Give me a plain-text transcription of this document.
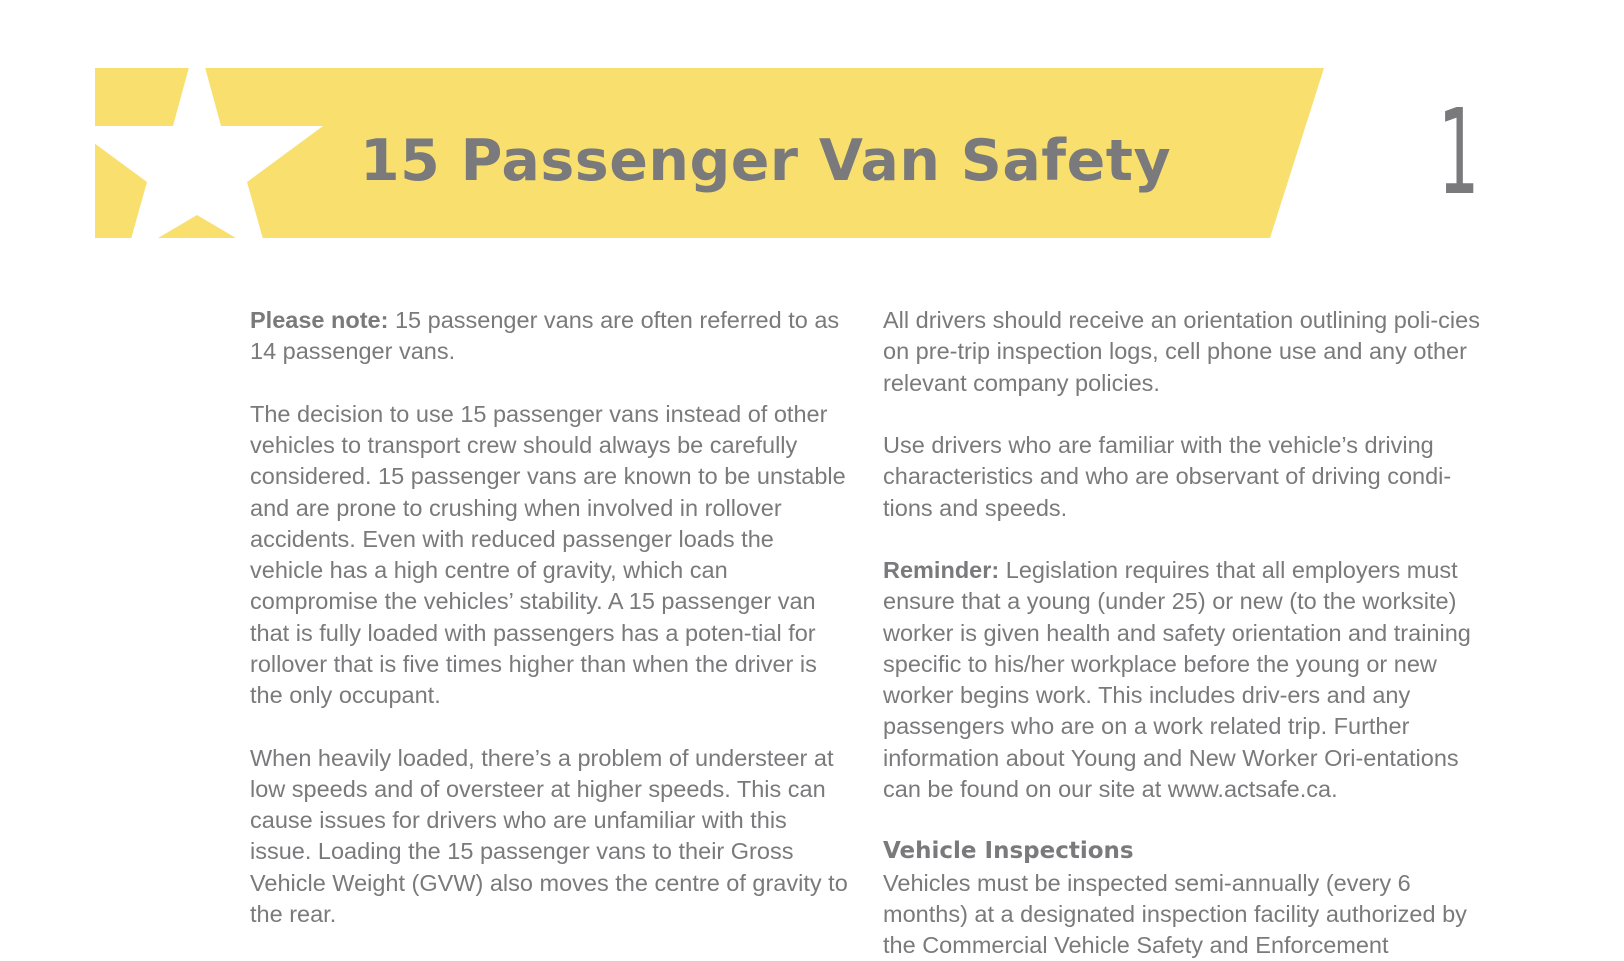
15 Passenger Van Safety 1

Please note: 15 passenger vans are often referred to as 14 passenger vans.

The decision to use 15 passenger vans instead of other vehicles to transport crew should always be carefully considered. 15 passenger vans are known to be unstable and are prone to crushing when involved in rollover accidents. Even with reduced passenger loads the vehicle has a high centre of gravity, which can compromise the vehicles’ stability. A 15 passenger van that is fully loaded with passengers has a poten-tial for rollover that is five times higher than when the driver is the only occupant.

When heavily loaded, there’s a problem of understeer at low speeds and of oversteer at higher speeds. This can cause issues for drivers who are unfamiliar with this issue. Loading the 15 passenger vans to their Gross Vehicle Weight (GVW) also moves the centre of gravity to the rear.

All drivers should receive an orientation outlining poli-cies on pre-trip inspection logs, cell phone use and any other relevant company policies.

Use drivers who are familiar with the vehicle’s driving characteristics and who are observant of driving condi-tions and speeds.

Reminder: Legislation requires that all employers must ensure that a young (under 25) or new (to the worksite) worker is given health and safety orientation and training specific to his/her workplace before the young or new worker begins work. This includes driv-ers and any passengers who are on a work related trip. Further information about Young and New Worker Ori-entations can be found on our site at www.actsafe.ca.

Vehicle Inspections

Vehicles must be inspected semi-annually (every 6 months) at a designated inspection facility authorized by the Commercial Vehicle Safety and Enforcement
